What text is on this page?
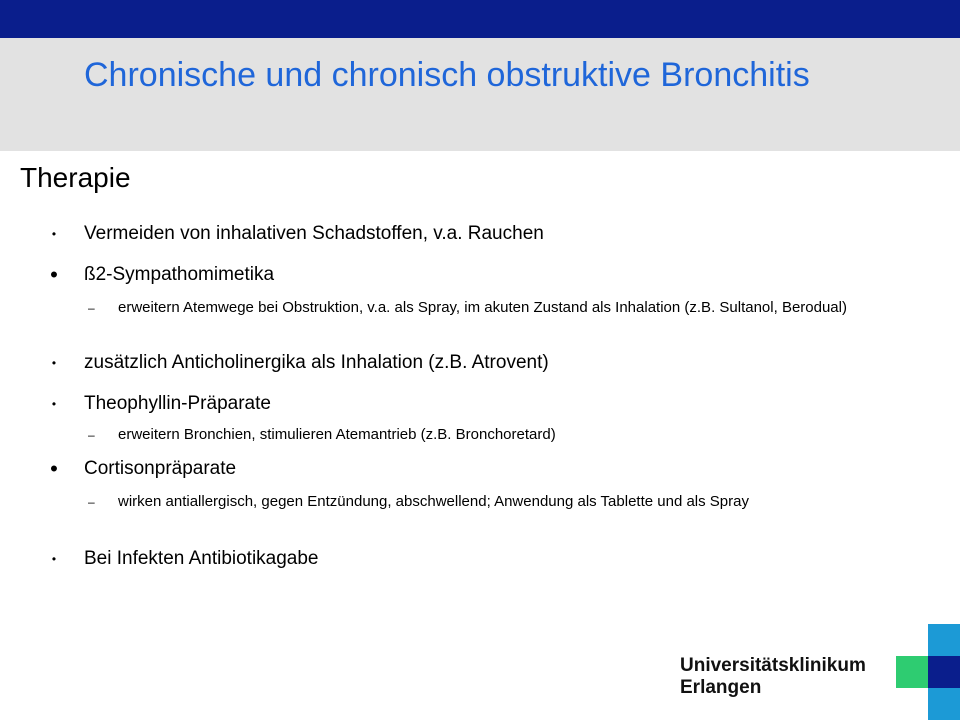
Chronische und chronisch obstruktive Bronchitis
Therapie
• Vermeiden von inhalativen Schadstoffen, v.a. Rauchen
• ß2-Sympathomimetika
– erweitern Atemwege bei Obstruktion, v.a. als Spray, im akuten Zustand als Inhalation (z.B. Sultanol, Berodual)
• zusätzlich Anticholinergika als Inhalation (z.B. Atrovent)
• Theophyllin-Präparate
– erweitern Bronchien, stimulieren Atemantrieb (z.B. Bronchoretard)
• Cortisonpräparate
– wirken antiallergisch, gegen Entzündung, abschwellend; Anwendung als Tablette und als Spray
• Bei Infekten Antibiotikagabe
Universitätsklinikum
Erlangen
